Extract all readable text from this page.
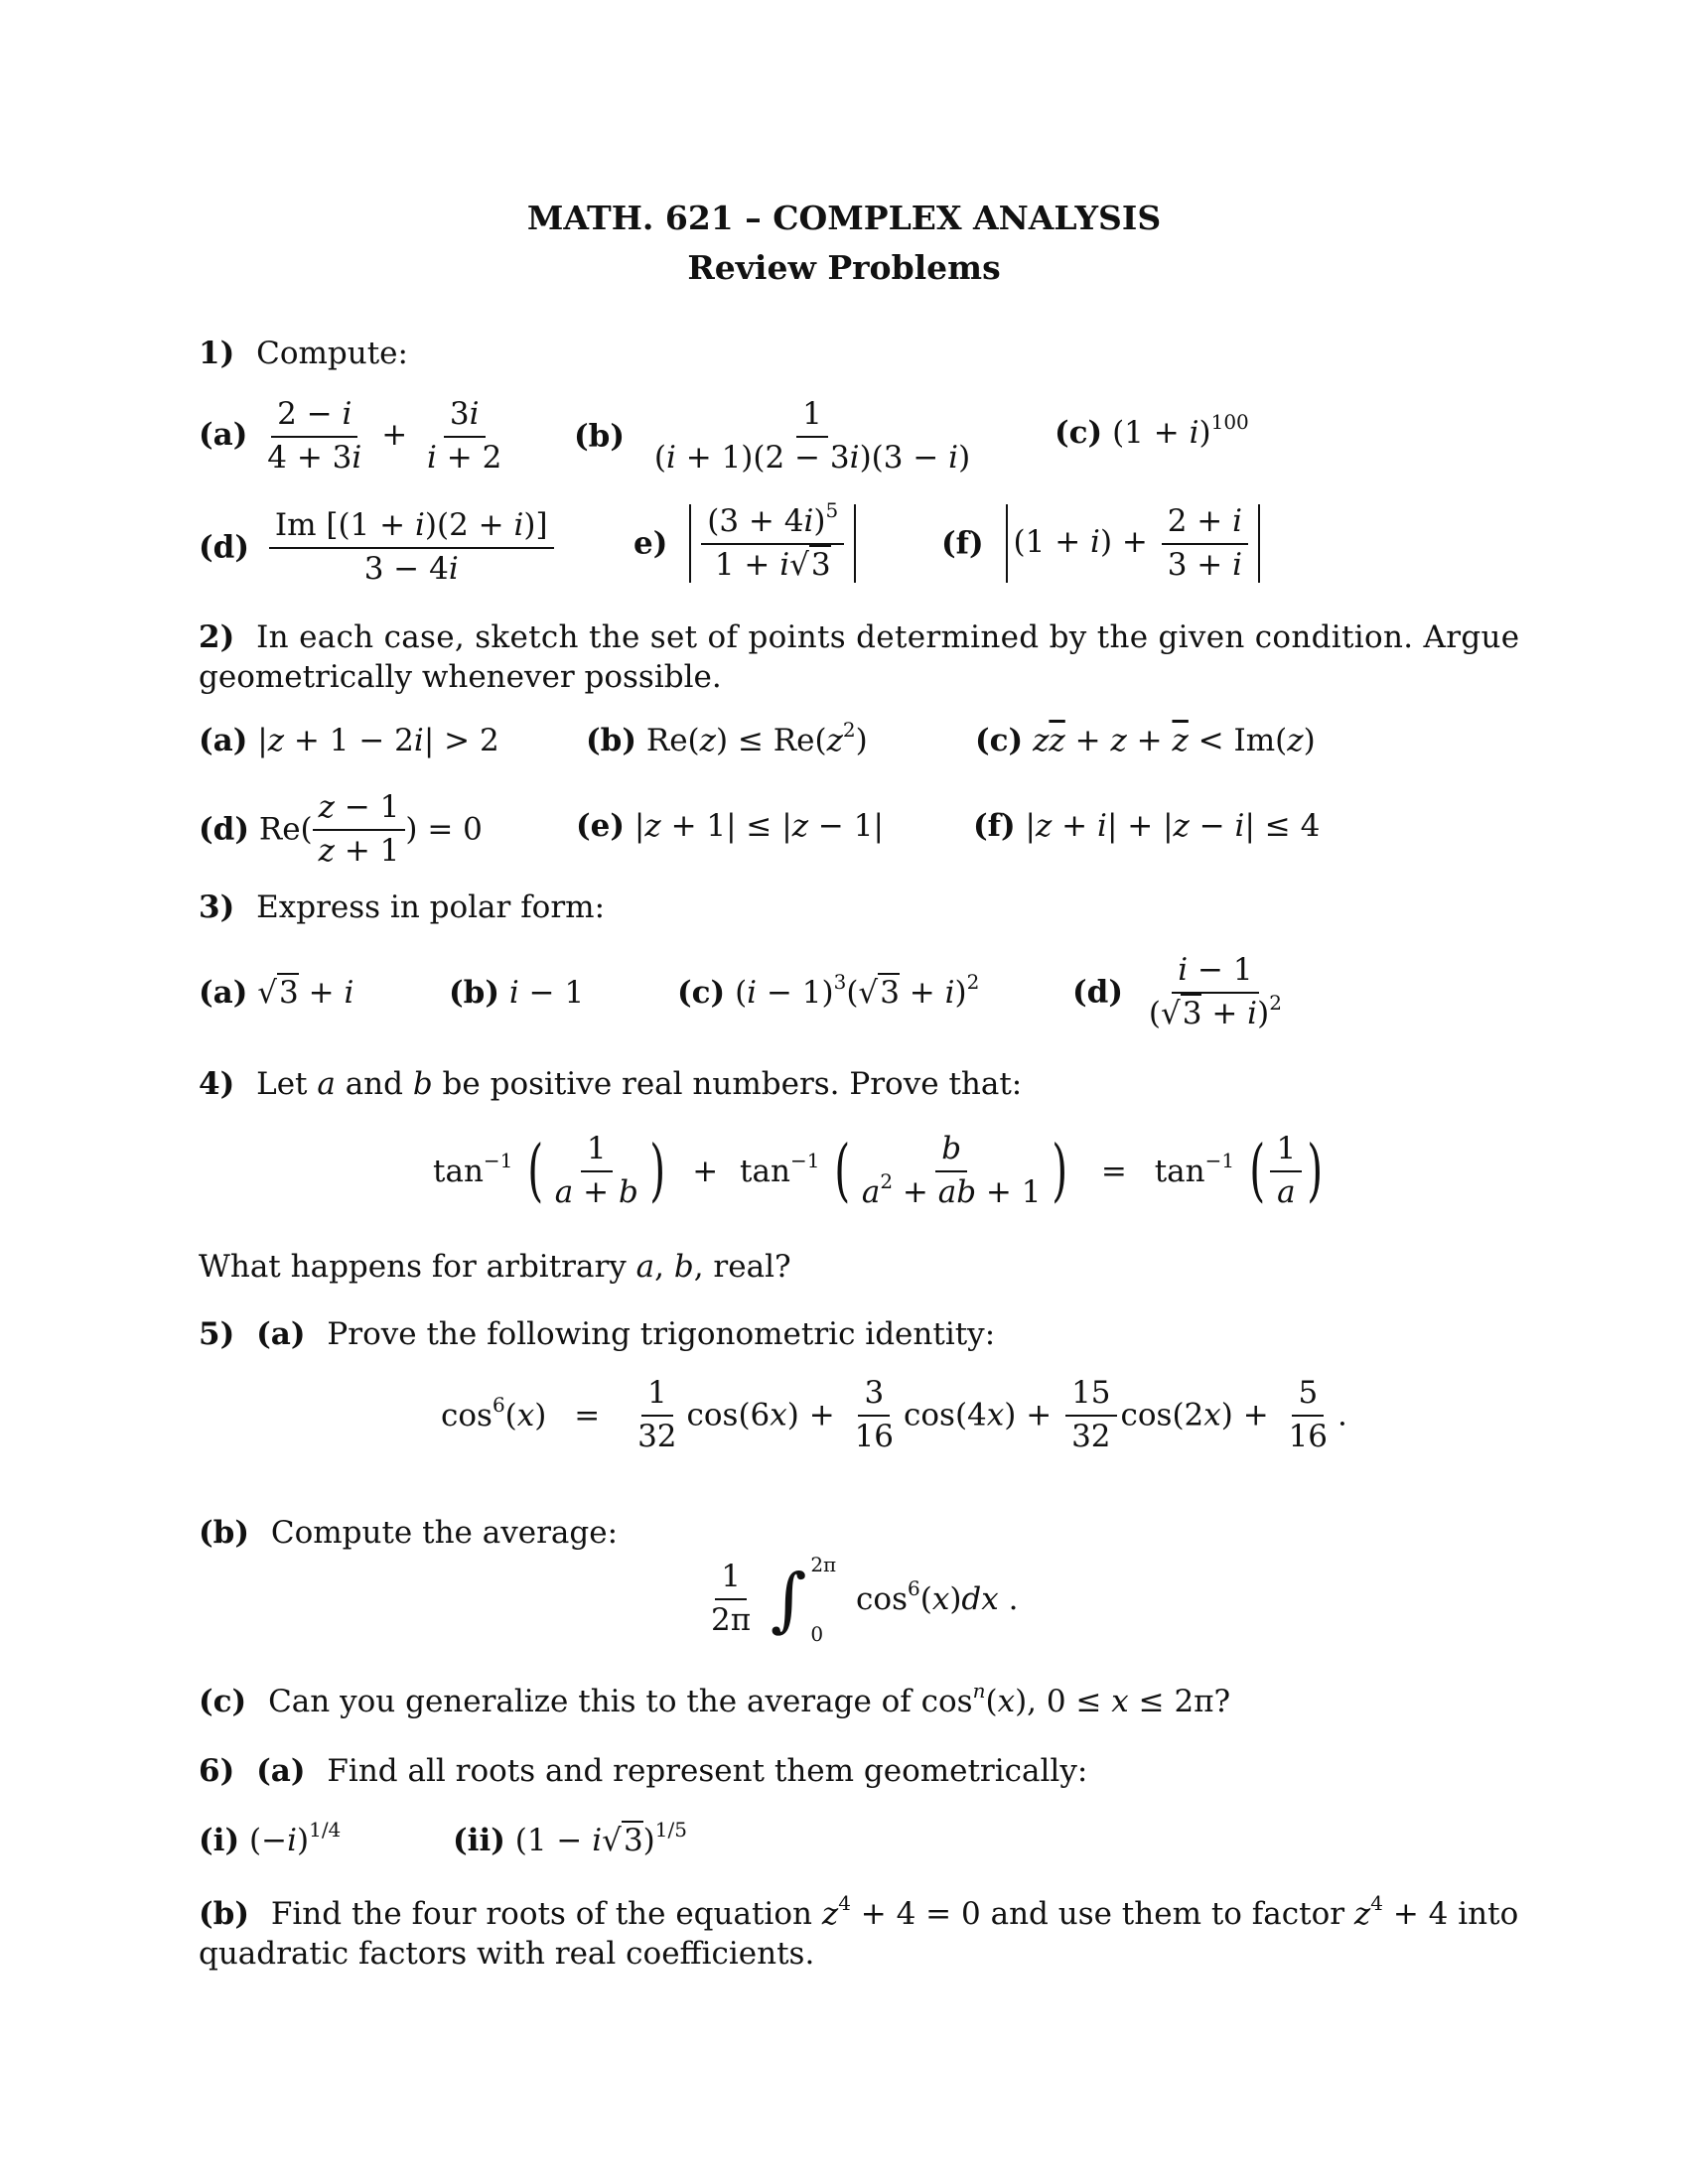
MATH. 621 – COMPLEX ANALYSIS
Review Problems
1) Compute:
$(a) \frac{2 - i}{4 + 3i} + \frac{3i}{i + 2} (b) \frac{1}{(i + 1)(2 - 3i)(3 - i)}$	(c) $(1 + i)^{100}$
$(d) \frac{Im [(1 + i)(2 + i)]}{3 - 4i}$	$e) \frac{(3 + 4i)^5}{1 + i√3}$	(f) $(1 + i) + \frac{2 + i}{3 + i}$
2) In each case, sketch the set of points determined by the given condition. Argue
geometrically whenever possible.
(a) |z + 1 − 2i| > 2	(b) $Re(z) \le Re(z^2)$	(c) $z\overline{z} + z + \overline{z} < Im(z)$
(d) $Re( \frac{z - 1}{z + 1}$ ) = 0	(e) |z + 1| ≤ |z − 1|	(f) |z + i| + |z − i| ≤ 4
3) Express in polar form:
(a) √3 + i	(b) i − 1	(c) $(i - 1)^3(√3 + i)^2$	$(d) \frac{i - 1}{(√3 + i)^2}$
4) Let a and b be positive real numbers. Prove that:
$\tan^{-1}$ ( $\frac{1}{a + b}$ ) + $\tan^{-1}$ ( $\frac{b}{a^2 + ab + 1}$ ) = $\tan^{-1}$ ( $\frac{1}{a}$ )
What happens for arbitrary a, b, real?
5) (a) Prove the following trigonometric identity:
$\cos^6(x) = \frac{1}{32} \cos(6x) + \frac{3}{16} \cos(4x) + \frac{15}{32} \cos(2x) + \frac{5}{16}$ .
(b) Compute the average:
$\frac{1}{2\pi}$ ∫ 2π
0
$\cos^6(x)dx$ .
(c) Can you generalize this to the average of $\cos^n(x)$, 0 ≤ x ≤ 2π?
6) (a) Find all roots and represent them geometrically:
(i) $(-i)^{1/4}$	(ii) $(1 - i√3)^{1/5}$
(b) Find the four roots of the equation $z^4 + 4 = 0$ and use them to factor $z^4 + 4$ into
quadratic factors with real coefficients.
